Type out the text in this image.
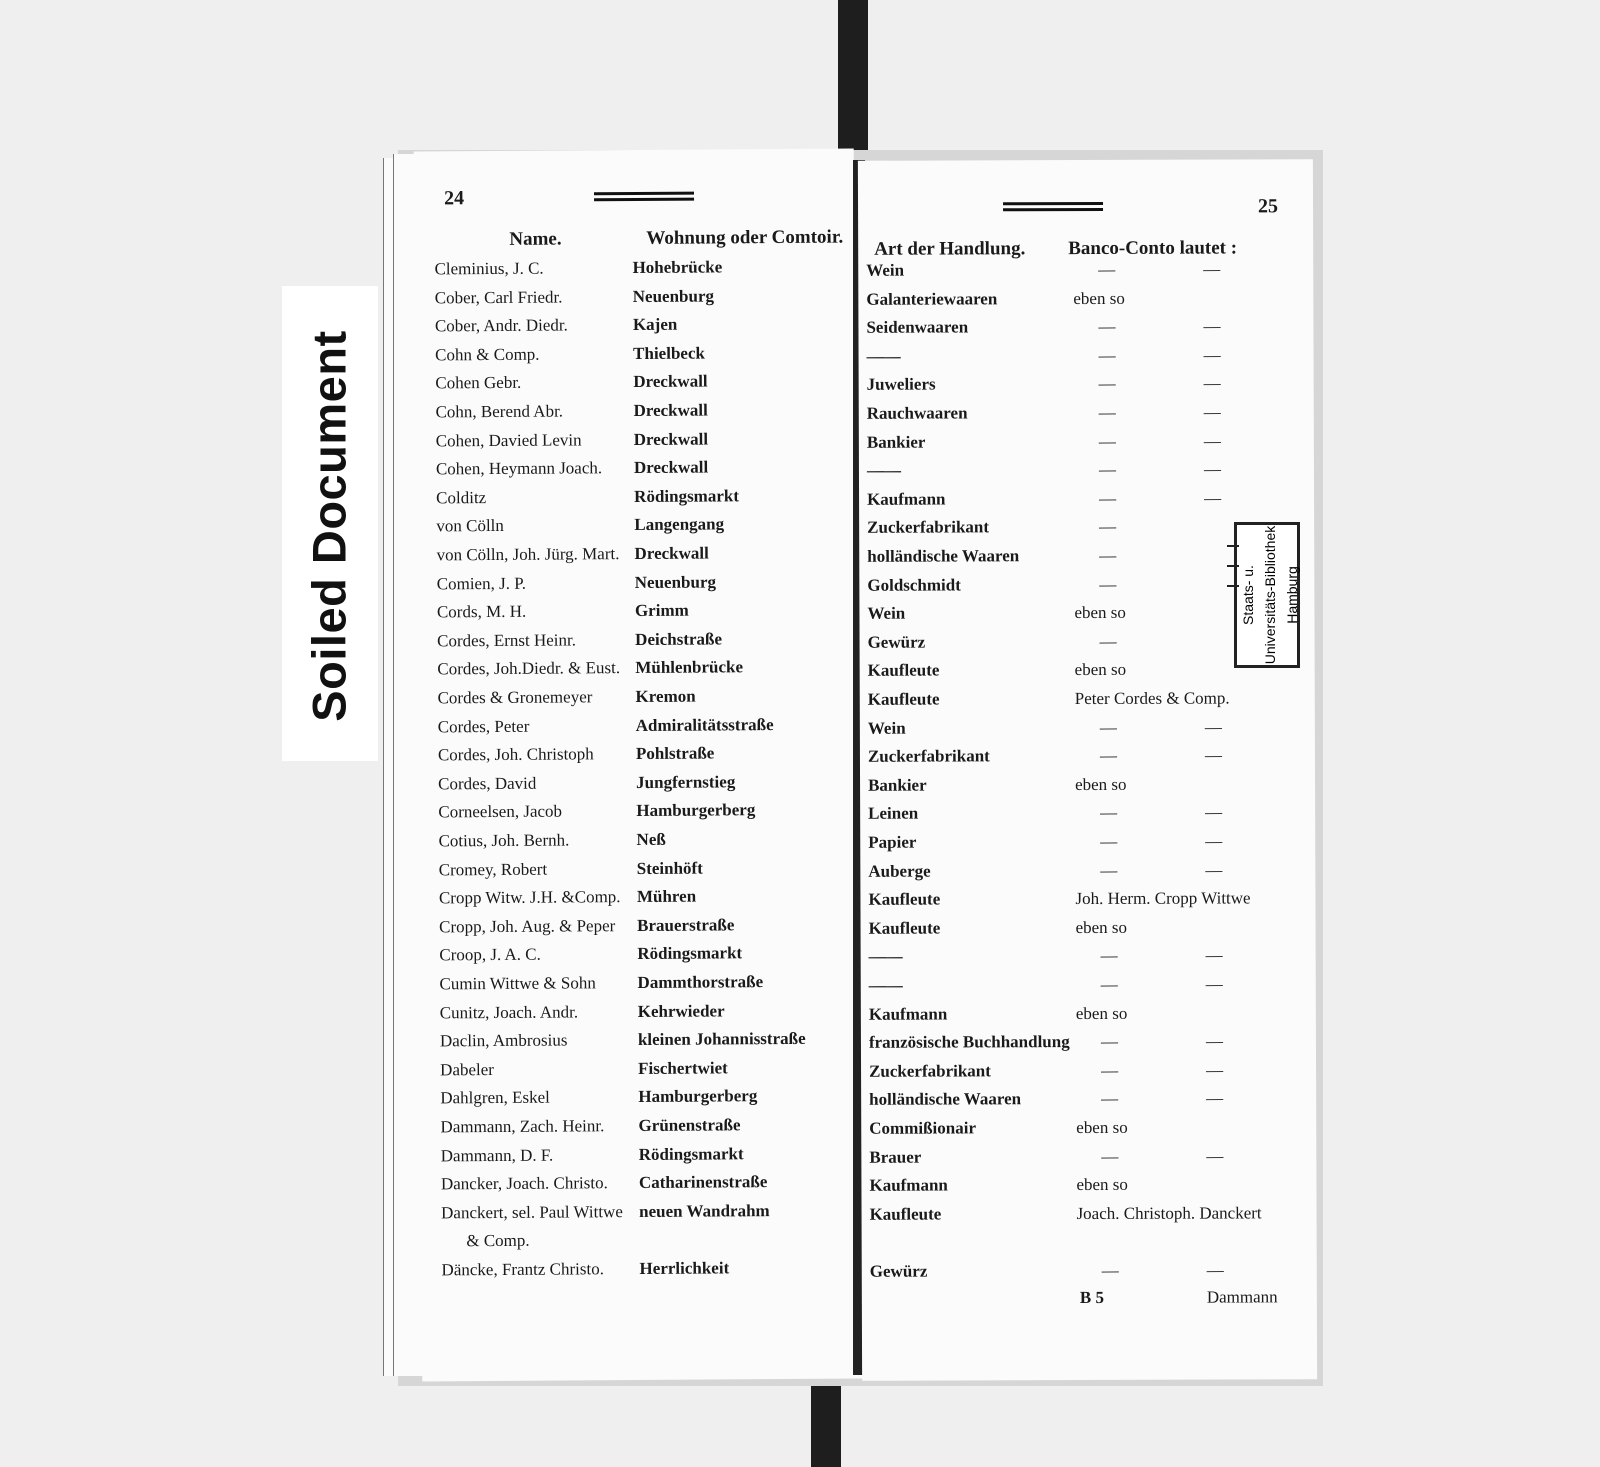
Soiled Document
24
Name.	Wohnung oder Comtoir.
Cleminius, J. C.	Hohebrücke
Cober, Carl Friedr.	Neuenburg
Cober, Andr. Diedr.	Kajen
Cohn & Comp.	Thielbeck
Cohen Gebr.	Dreckwall
Cohn, Berend Abr.	Dreckwall
Cohen, Davied Levin	Dreckwall
Cohen, Heymann Joach. Dreckwall
Colditz	Rödingsmarkt
von Cölln	Langengang
von Cölln, Joh. Jürg. Mart. Dreckwall
Comien, J. P.	Neuenburg
Cords, M. H.	Grimm
Cordes, Ernst Heinr.	Deichstraße
Cordes, Joh.Diedr. & Eust. Mühlenbrücke
Cordes & Gronemeyer	Kremon
Cordes, Peter	Admiralitätsstraße
Cordes, Joh. Christoph Pohlstraße
Cordes, David	Jungfernstieg
Corneelsen, Jacob	Hamburgerberg
Cotius, Joh. Bernh.	Neß
Cromey, Robert	Steinhöft
Cropp Witw. J.H. &Comp. Mühren
Cropp, Joh. Aug. & Peper Brauerstraße
Croop, J. A. C.	Rödingsmarkt
Cumin Wittwe & Sohn Dammthorstraße
Cunitz, Joach. Andr.	Kehrwieder
Daclin, Ambrosius	kleinen Johannisstraße
Dabeler	Fischertwiet
Dahlgren, Eskel	Hamburgerberg
Dammann, Zach. Heinr. Grünenstraße
Dammann, D. F.	Rödingsmarkt
Dancker, Joach. Christo. Catharinenstraße
Danckert, sel. Paul Wittwe neuen Wandrahm
& Comp.
Däncke, Frantz Christo. Herrlichkeit
25
Art der Handlung. Banco-Conto lautet :
Wein	—	—
Galanteriewaaren	eben so
Seidenwaaren	—	—
——	—	—
Juweliers	—	—
Rauchwaaren	—	—
Bankier	—	—
——	—	—
Kaufmann	—	—
Zuckerfabrikant	—
holländische Waaren	—
Goldschmidt	—
Wein	eben so
Gewürz	—
Kaufleute	eben so
Kaufleute	Peter Cordes & Comp.
Wein	—	—
Zuckerfabrikant	—	—
Bankier	eben so
Leinen	—	—
Papier	—	—
Auberge	—	—
Kaufleute	Joh. Herm. Cropp Wittwe
Kaufleute	eben so
——	—	—
——	—	—
Kaufmann	eben so
französische Buchhandlung —	—
Zuckerfabrikant	—	—
holländische Waaren	—	—
Commißionair	eben so
Brauer	—	—
Kaufmann	eben so
Kaufleute	Joach. Christoph. Danckert
Gewürz	—	—
B 5	Dammann
Staats- u. Universitäts-Bibliothek Hamburg
